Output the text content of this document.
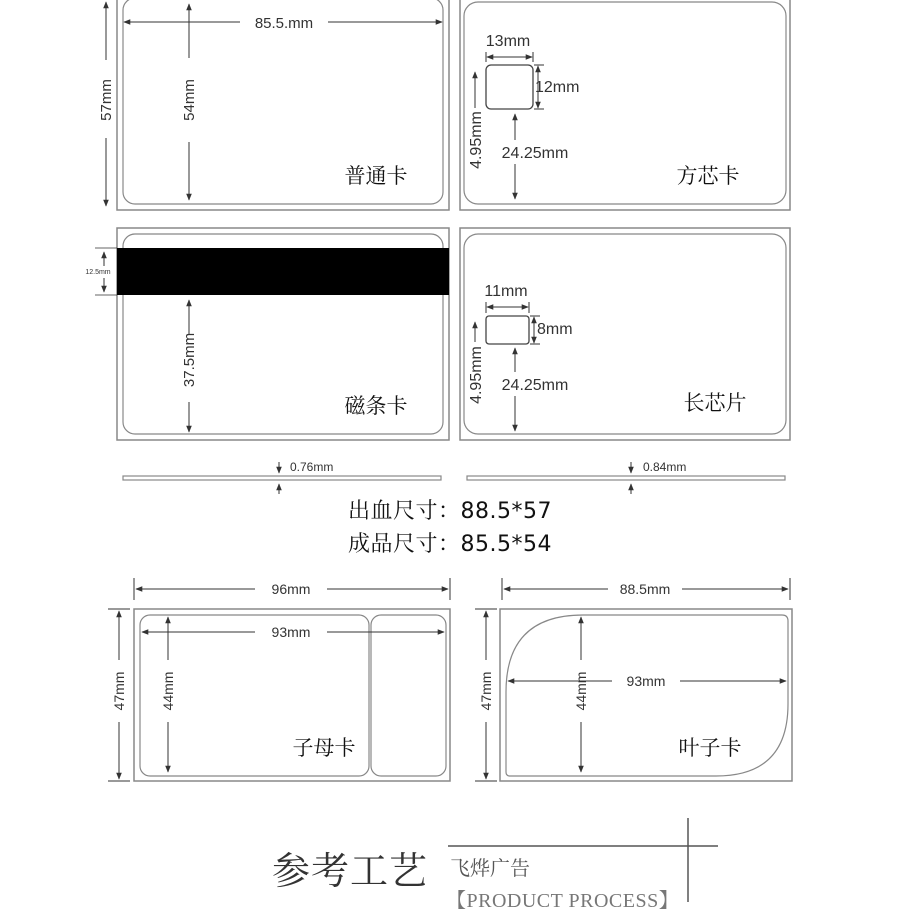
85.5.mm
54mm
57mm
普通卡
13mm
12mm
4.95mm 24.25mm
方芯卡
12.5mm
37.5mm
磁条卡
11mm
8mm
4.95mm 24.25mm
长芯片
0.76mm	0.84mm
96mm
93mm
44mm
47mm
子母卡
88.5mm
93mm
44mm
47mm
叶子卡
出血尺寸：88.5*57
成品尺寸：85.5*54
参考工艺 飞烨广告
【PRODUCT PROCESS】
